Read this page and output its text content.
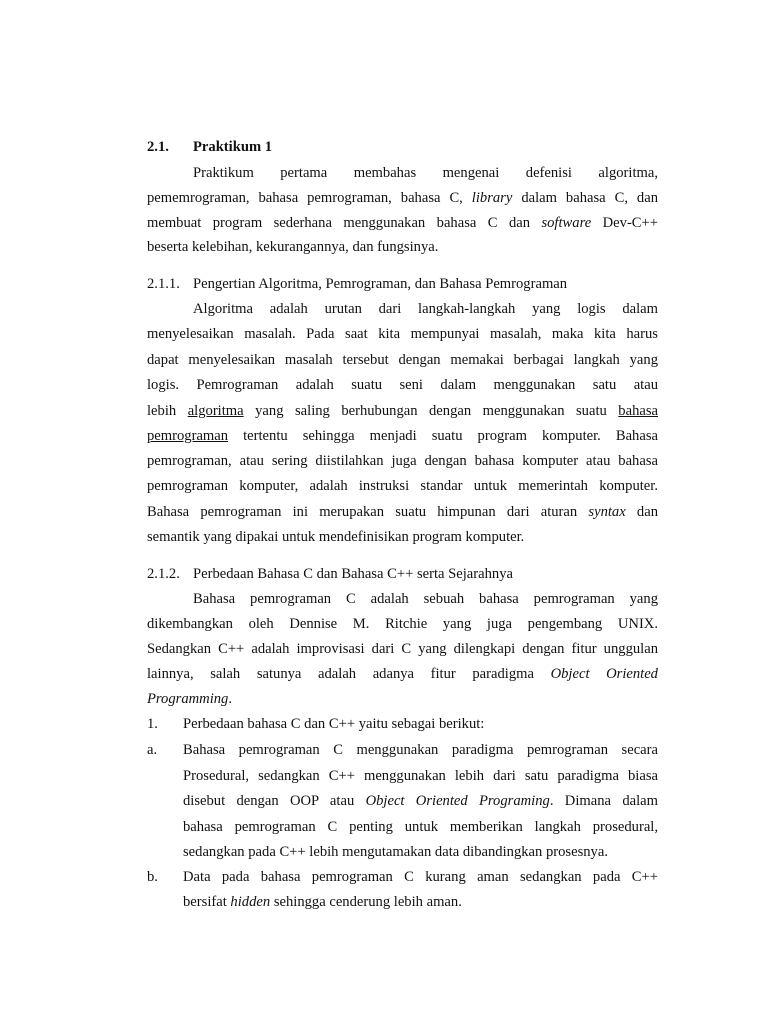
2.1. Praktikum 1
Praktikum pertama membahas mengenai defenisi algoritma,
pememrograman, bahasa pemrograman, bahasa C, library dalam bahasa C, dan
membuat program sederhana menggunakan bahasa C dan software Dev-C++
beserta kelebihan, kekurangannya, dan fungsinya.
2.1.1. Pengertian Algoritma, Pemrograman, dan Bahasa Pemrograman
Algoritma adalah urutan dari langkah-langkah yang logis dalam
menyelesaikan masalah. Pada saat kita mempunyai masalah, maka kita harus
dapat menyelesaikan masalah tersebut dengan memakai berbagai langkah yang
logis. Pemrograman adalah suatu seni dalam menggunakan satu atau
lebih algoritma yang saling berhubungan dengan menggunakan suatu bahasa
pemrograman tertentu sehingga menjadi suatu program komputer. Bahasa
pemrograman, atau sering diistilahkan juga dengan bahasa komputer atau bahasa
pemrograman komputer, adalah instruksi standar untuk memerintah komputer.
Bahasa pemrograman ini merupakan suatu himpunan dari aturan syntax dan
semantik yang dipakai untuk mendefinisikan program komputer.
2.1.2. Perbedaan Bahasa C dan Bahasa C++ serta Sejarahnya
Bahasa pemrograman C adalah sebuah bahasa pemrograman yang
dikembangkan oleh Dennise M. Ritchie yang juga pengembang UNIX.
Sedangkan C++ adalah improvisasi dari C yang dilengkapi dengan fitur unggulan
lainnya, salah satunya adalah adanya fitur paradigma Object Oriented
Programming.
1. Perbedaan bahasa C dan C++ yaitu sebagai berikut:
a.	Bahasa pemrograman C menggunakan paradigma pemrograman secara
Prosedural, sedangkan C++ menggunakan lebih dari satu paradigma biasa
disebut dengan OOP atau Object Oriented Programing. Dimana dalam
bahasa pemrograman C penting untuk memberikan langkah prosedural,
sedangkan pada C++ lebih mengutamakan data dibandingkan prosesnya.
b.	Data pada bahasa pemrograman C kurang aman sedangkan pada C++
bersifat hidden sehingga cenderung lebih aman.
